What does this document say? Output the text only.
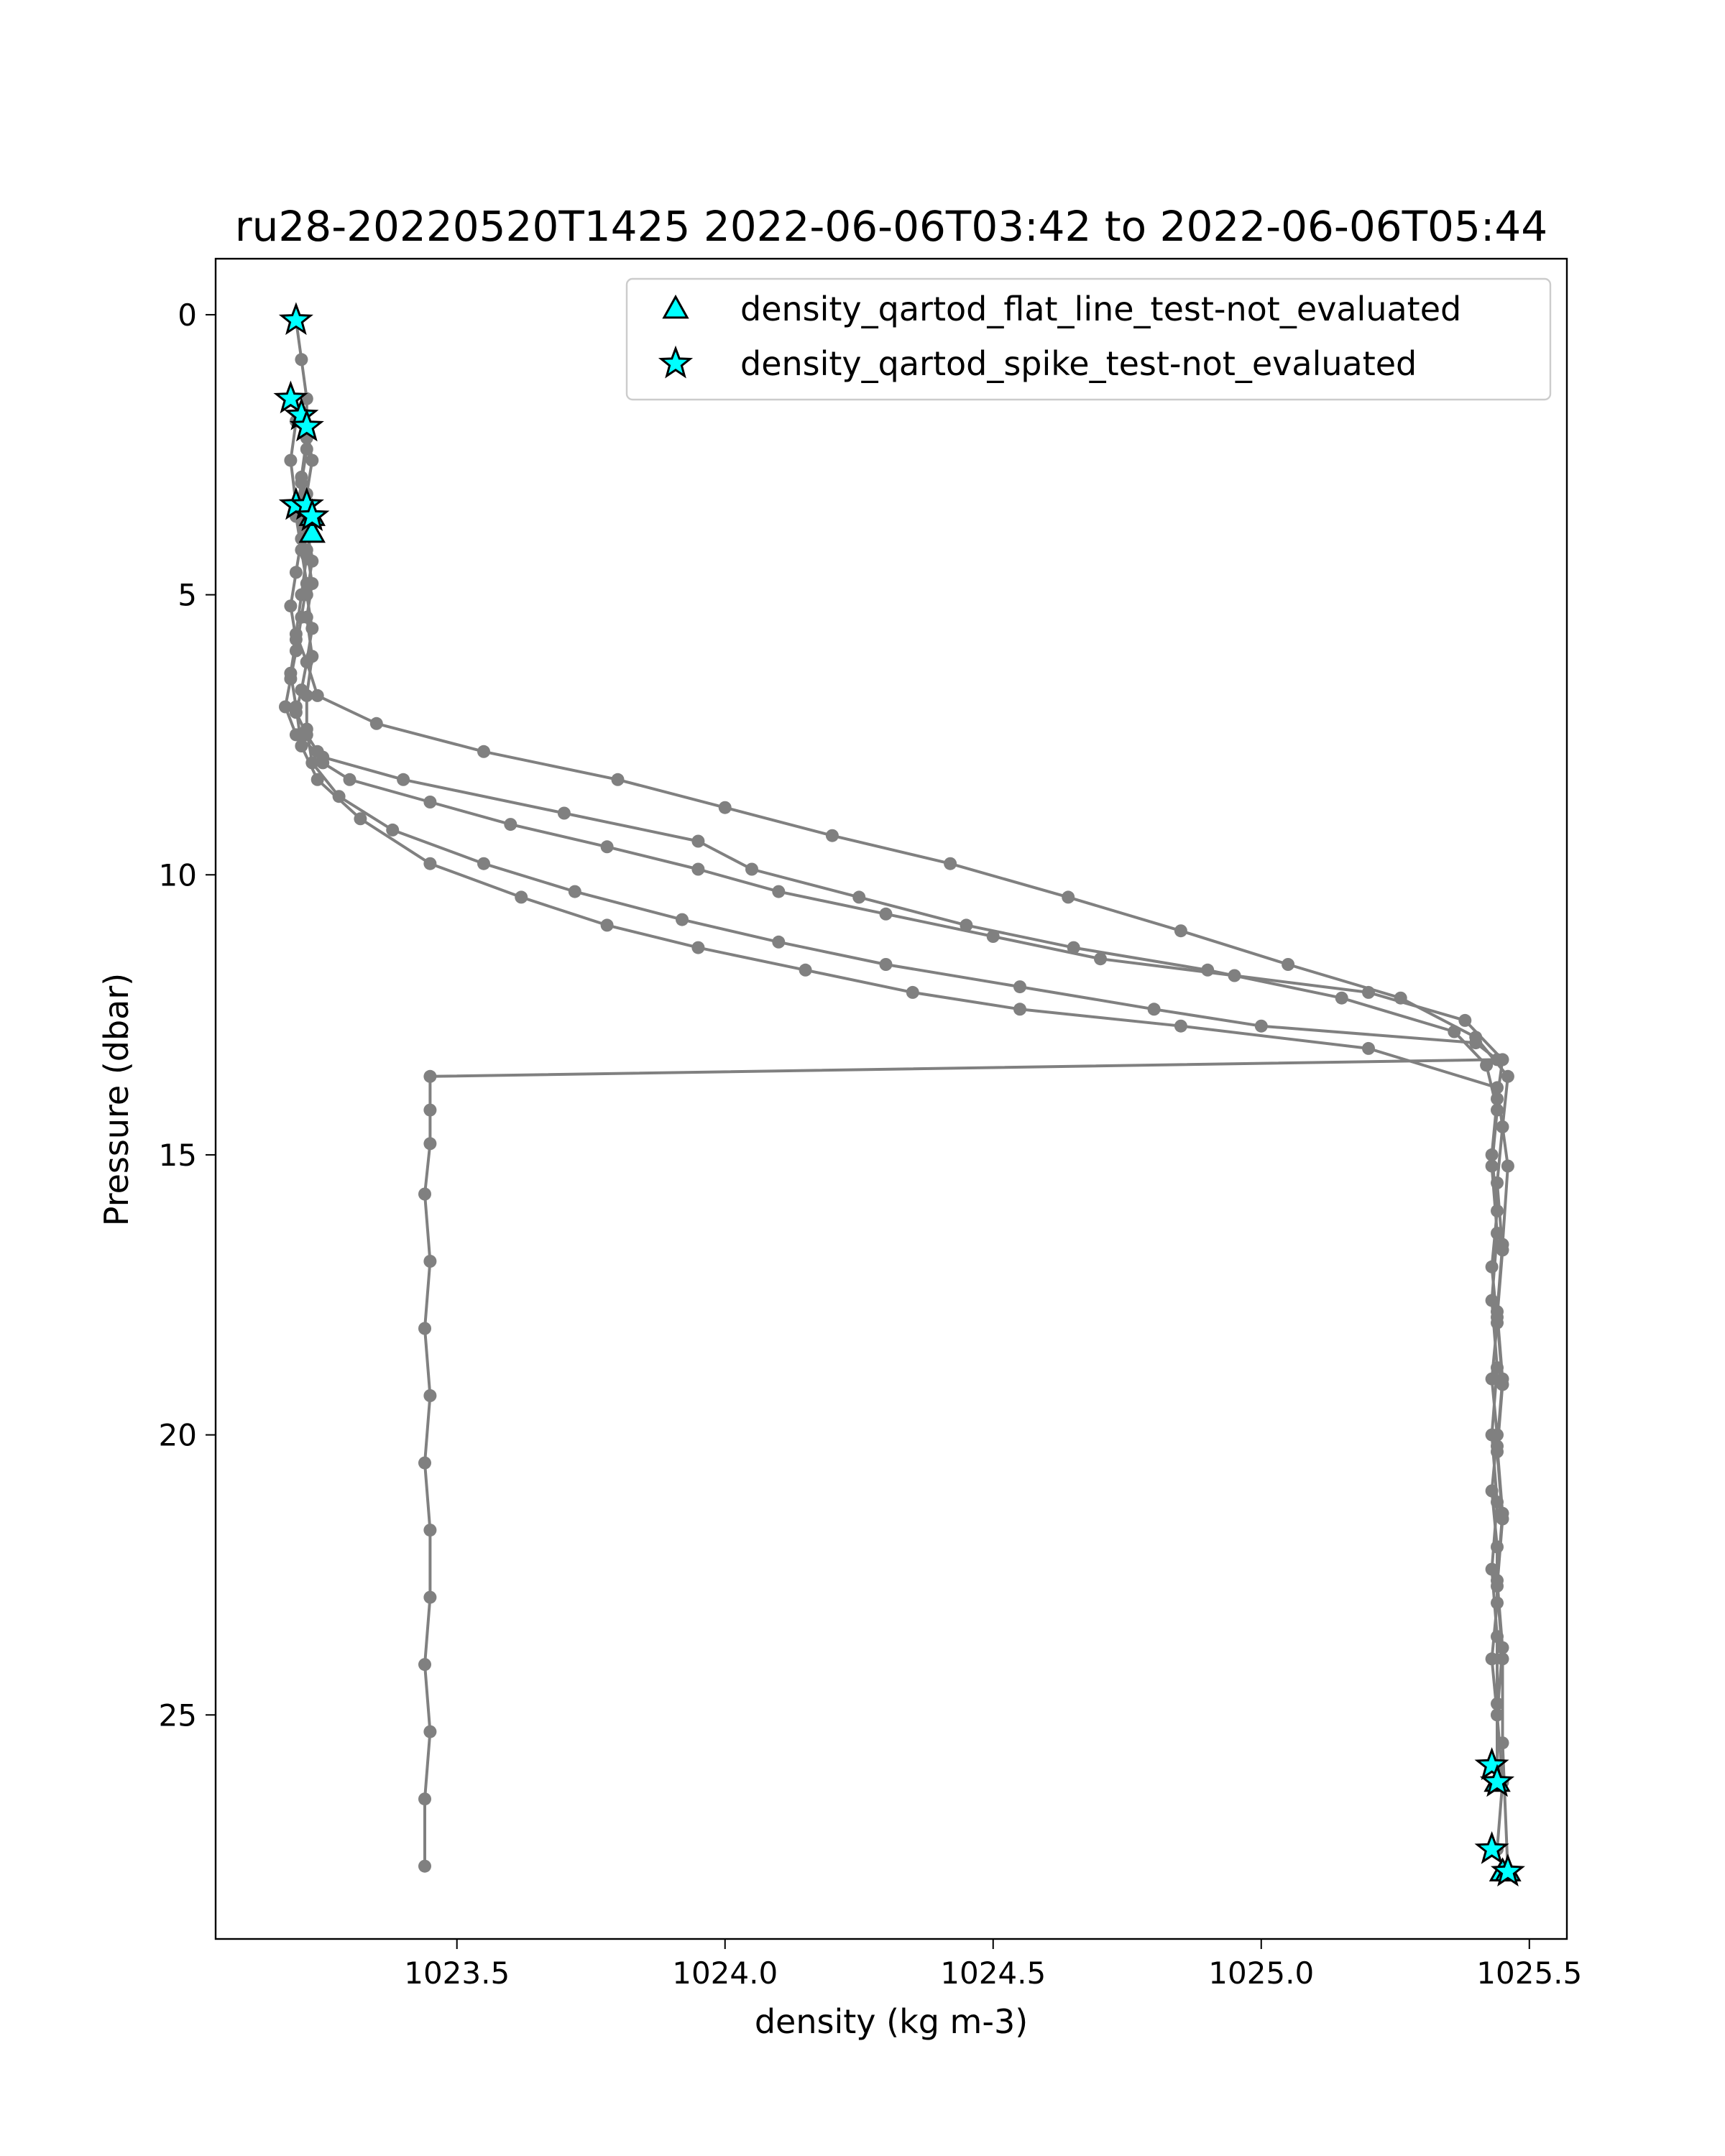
ru28-20220520T1425 2022-06-06T03:42 to 2022-06-06T05:44
1023.5	1024.0	1024.5	1025.0	1025.5
0
5
10
15
20
25
density (kg m-3)
Pressure (dbar)
density_qartod_flat_line_test-not_evaluated
density_qartod_spike_test-not_evaluated
